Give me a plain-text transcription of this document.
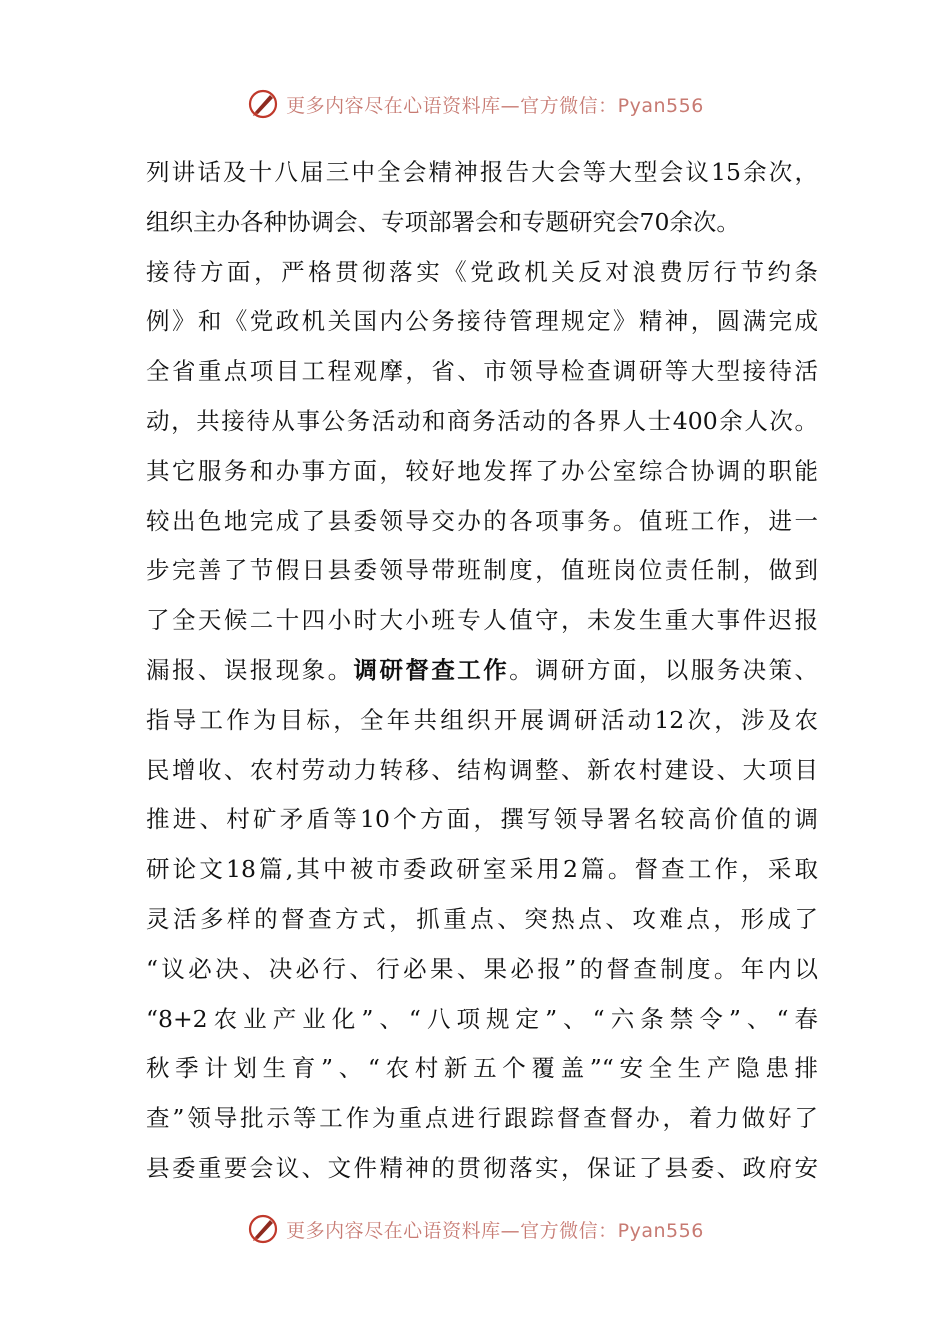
更多内容尽在心语资料库—官方微信：Pyan556
列讲话及十八届三中全会精神报告大会等大型会议15余次，
组织主办各种协调会、专项部署会和专题研究会70余次。
接待方面，严格贯彻落实《党政机关反对浪费厉行节约条
例》和《党政机关国内公务接待管理规定》精神，圆满完成
全省重点项目工程观摩，省、市领导检查调研等大型接待活
动，共接待从事公务活动和商务活动的各界人士400余人次。
其它服务和办事方面，较好地发挥了办公室综合协调的职能
较出色地完成了县委领导交办的各项事务。值班工作，进一
步完善了节假日县委领导带班制度，值班岗位责任制，做到
了全天候二十四小时大小班专人值守，未发生重大事件迟报
漏报、误报现象。调研督查工作。调研方面，以服务决策、
指导工作为目标，全年共组织开展调研活动12次，涉及农
民增收、农村劳动力转移、结构调整、新农村建设、大项目
推进、村矿矛盾等10个方面，撰写领导署名较高价值的调
研论文18篇,其中被市委政研室采用2篇。督查工作，采取
灵活多样的督查方式，抓重点、突热点、攻难点，形成了
“议必决、决必行、行必果、果必报”的督查制度。年内以
“8+2农业产业化”、“八项规定”、“六条禁令”、“春
秋季计划生育”、“农村新五个覆盖”“安全生产隐患排
查”领导批示等工作为重点进行跟踪督查督办，着力做好了
县委重要会议、文件精神的贯彻落实，保证了县委、政府安
更多内容尽在心语资料库—官方微信：Pyan556
